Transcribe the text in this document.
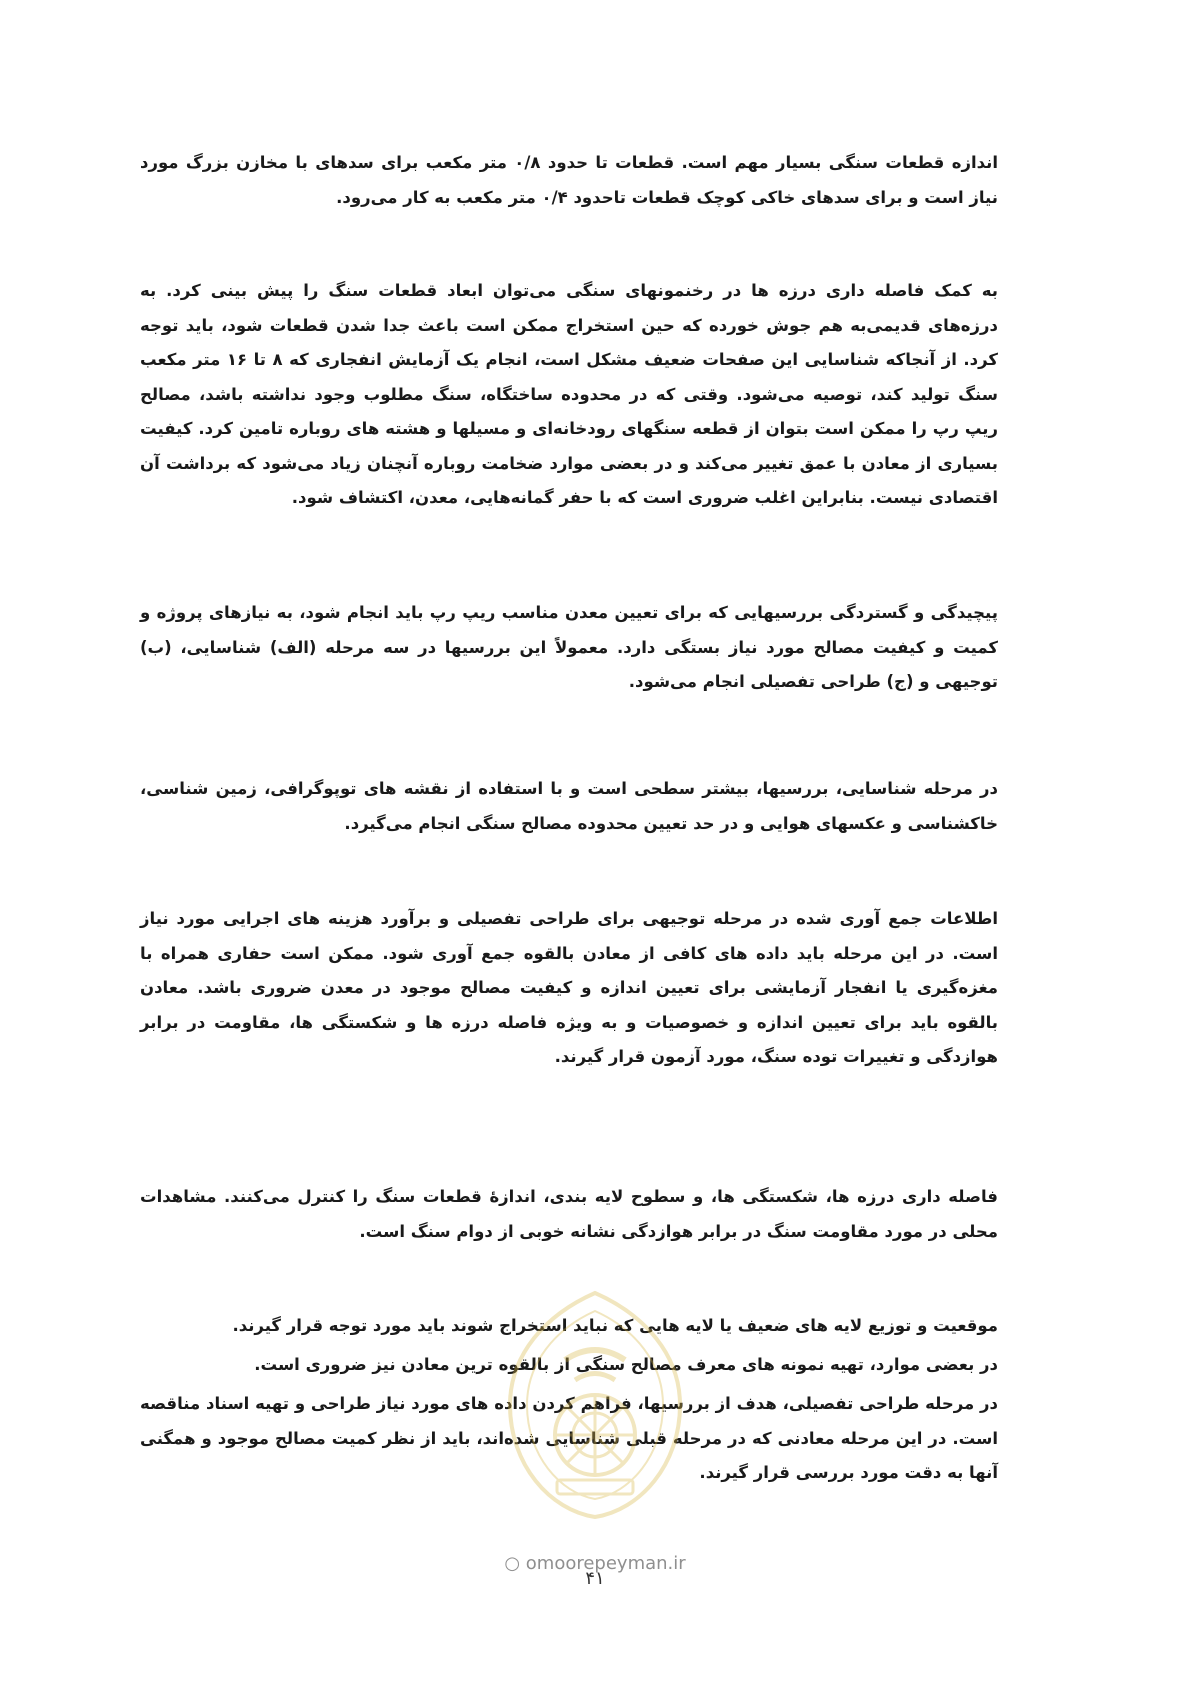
اندازه قطعات سنگی بسیار مهم است. قطعات تا حدود ۰/۸ متر مکعب برای سدهای با مخازن بزرگ مورد نیاز است و برای سدهای خاکی کوچک قطعات تاحدود ۰/۴ متر مکعب به کار می‌رود.

به کمک فاصله داری درزه ها در رخنمونهای سنگی می‌توان ابعاد قطعات سنگ را پیش بینی کرد. به درزه‌های قدیمی‌به هم جوش خورده که حین استخراج ممکن است باعث جدا شدن قطعات شود، باید توجه کرد. از آنجاکه شناسایی این صفحات ضعیف مشکل است، انجام یک آزمایش انفجاری که ۸ تا ۱۶ متر مکعب سنگ تولید کند، توصیه می‌شود. وقتی که در محدوده ساختگاه، سنگ مطلوب وجود نداشته باشد، مصالح ریپ رپ را ممکن است بتوان از قطعه سنگهای رودخانه‌ای و مسیلها و هشته های روباره تامین کرد. کیفیت بسیاری از معادن با عمق تغییر می‌کند و در بعضی موارد ضخامت روباره آنچنان زیاد می‌شود که برداشت آن اقتصادی نیست. بنابراین اغلب ضروری است که با حفر گمانه‌هایی، معدن، اکتشاف شود.

پیچیدگی و گستردگی بررسیهایی که برای تعیین معدن مناسب ریپ رپ باید انجام شود، به نیازهای پروژه و کمیت و کیفیت مصالح مورد نیاز بستگی دارد. معمولاً این بررسیها در سه مرحله (الف) شناسایی، (ب) توجیهی و (ج) طراحی تفصیلی انجام می‌شود.

در مرحله شناسایی، بررسیها، بیشتر سطحی است و با استفاده از نقشه های توپوگرافی، زمین شناسی، خاکشناسی و عکسهای هوایی و در حد تعیین محدوده مصالح سنگی انجام می‌گیرد.

اطلاعات جمع آوری شده در مرحله توجیهی برای طراحی تفصیلی و برآورد هزینه های اجرایی مورد نیاز است. در این مرحله باید داده های کافی از معادن بالقوه جمع آوری شود. ممکن است حفاری همراه با مغزه‌گیری یا انفجار آزمایشی برای تعیین اندازه و کیفیت مصالح موجود در معدن ضروری باشد. معادن بالقوه باید برای تعیین اندازه و خصوصیات و به ویژه فاصله درزه ها و شکستگی ها، مقاومت در برابر هوازدگی و تغییرات توده سنگ، مورد آزمون قرار گیرند.

فاصله داری درزه ها، شکستگی ها، و سطوح لایه بندی، اندازهٔ قطعات سنگ را کنترل می‌کنند. مشاهدات محلی در مورد مقاومت سنگ در برابر هوازدگی نشانه خوبی از دوام سنگ است.

موقعیت و توزیع لایه های ضعیف یا لایه هایی که نباید استخراج شوند باید مورد توجه قرار گیرند.

در بعضی موارد، تهیه نمونه های معرف مصالح سنگی از بالقوه ترین معادن نیز ضروری است.

در مرحله طراحی تفصیلی، هدف از بررسیها، فراهم کردن داده های مورد نیاز طراحی و تهیه اسناد مناقصه است. در این مرحله معادنی که در مرحله قبلی شناسایی شده‌اند، باید از نظر کمیت مصالح موجود و همگنی آنها به دقت مورد بررسی قرار گیرند.

○ omoorepeyman.ir
۴۱
